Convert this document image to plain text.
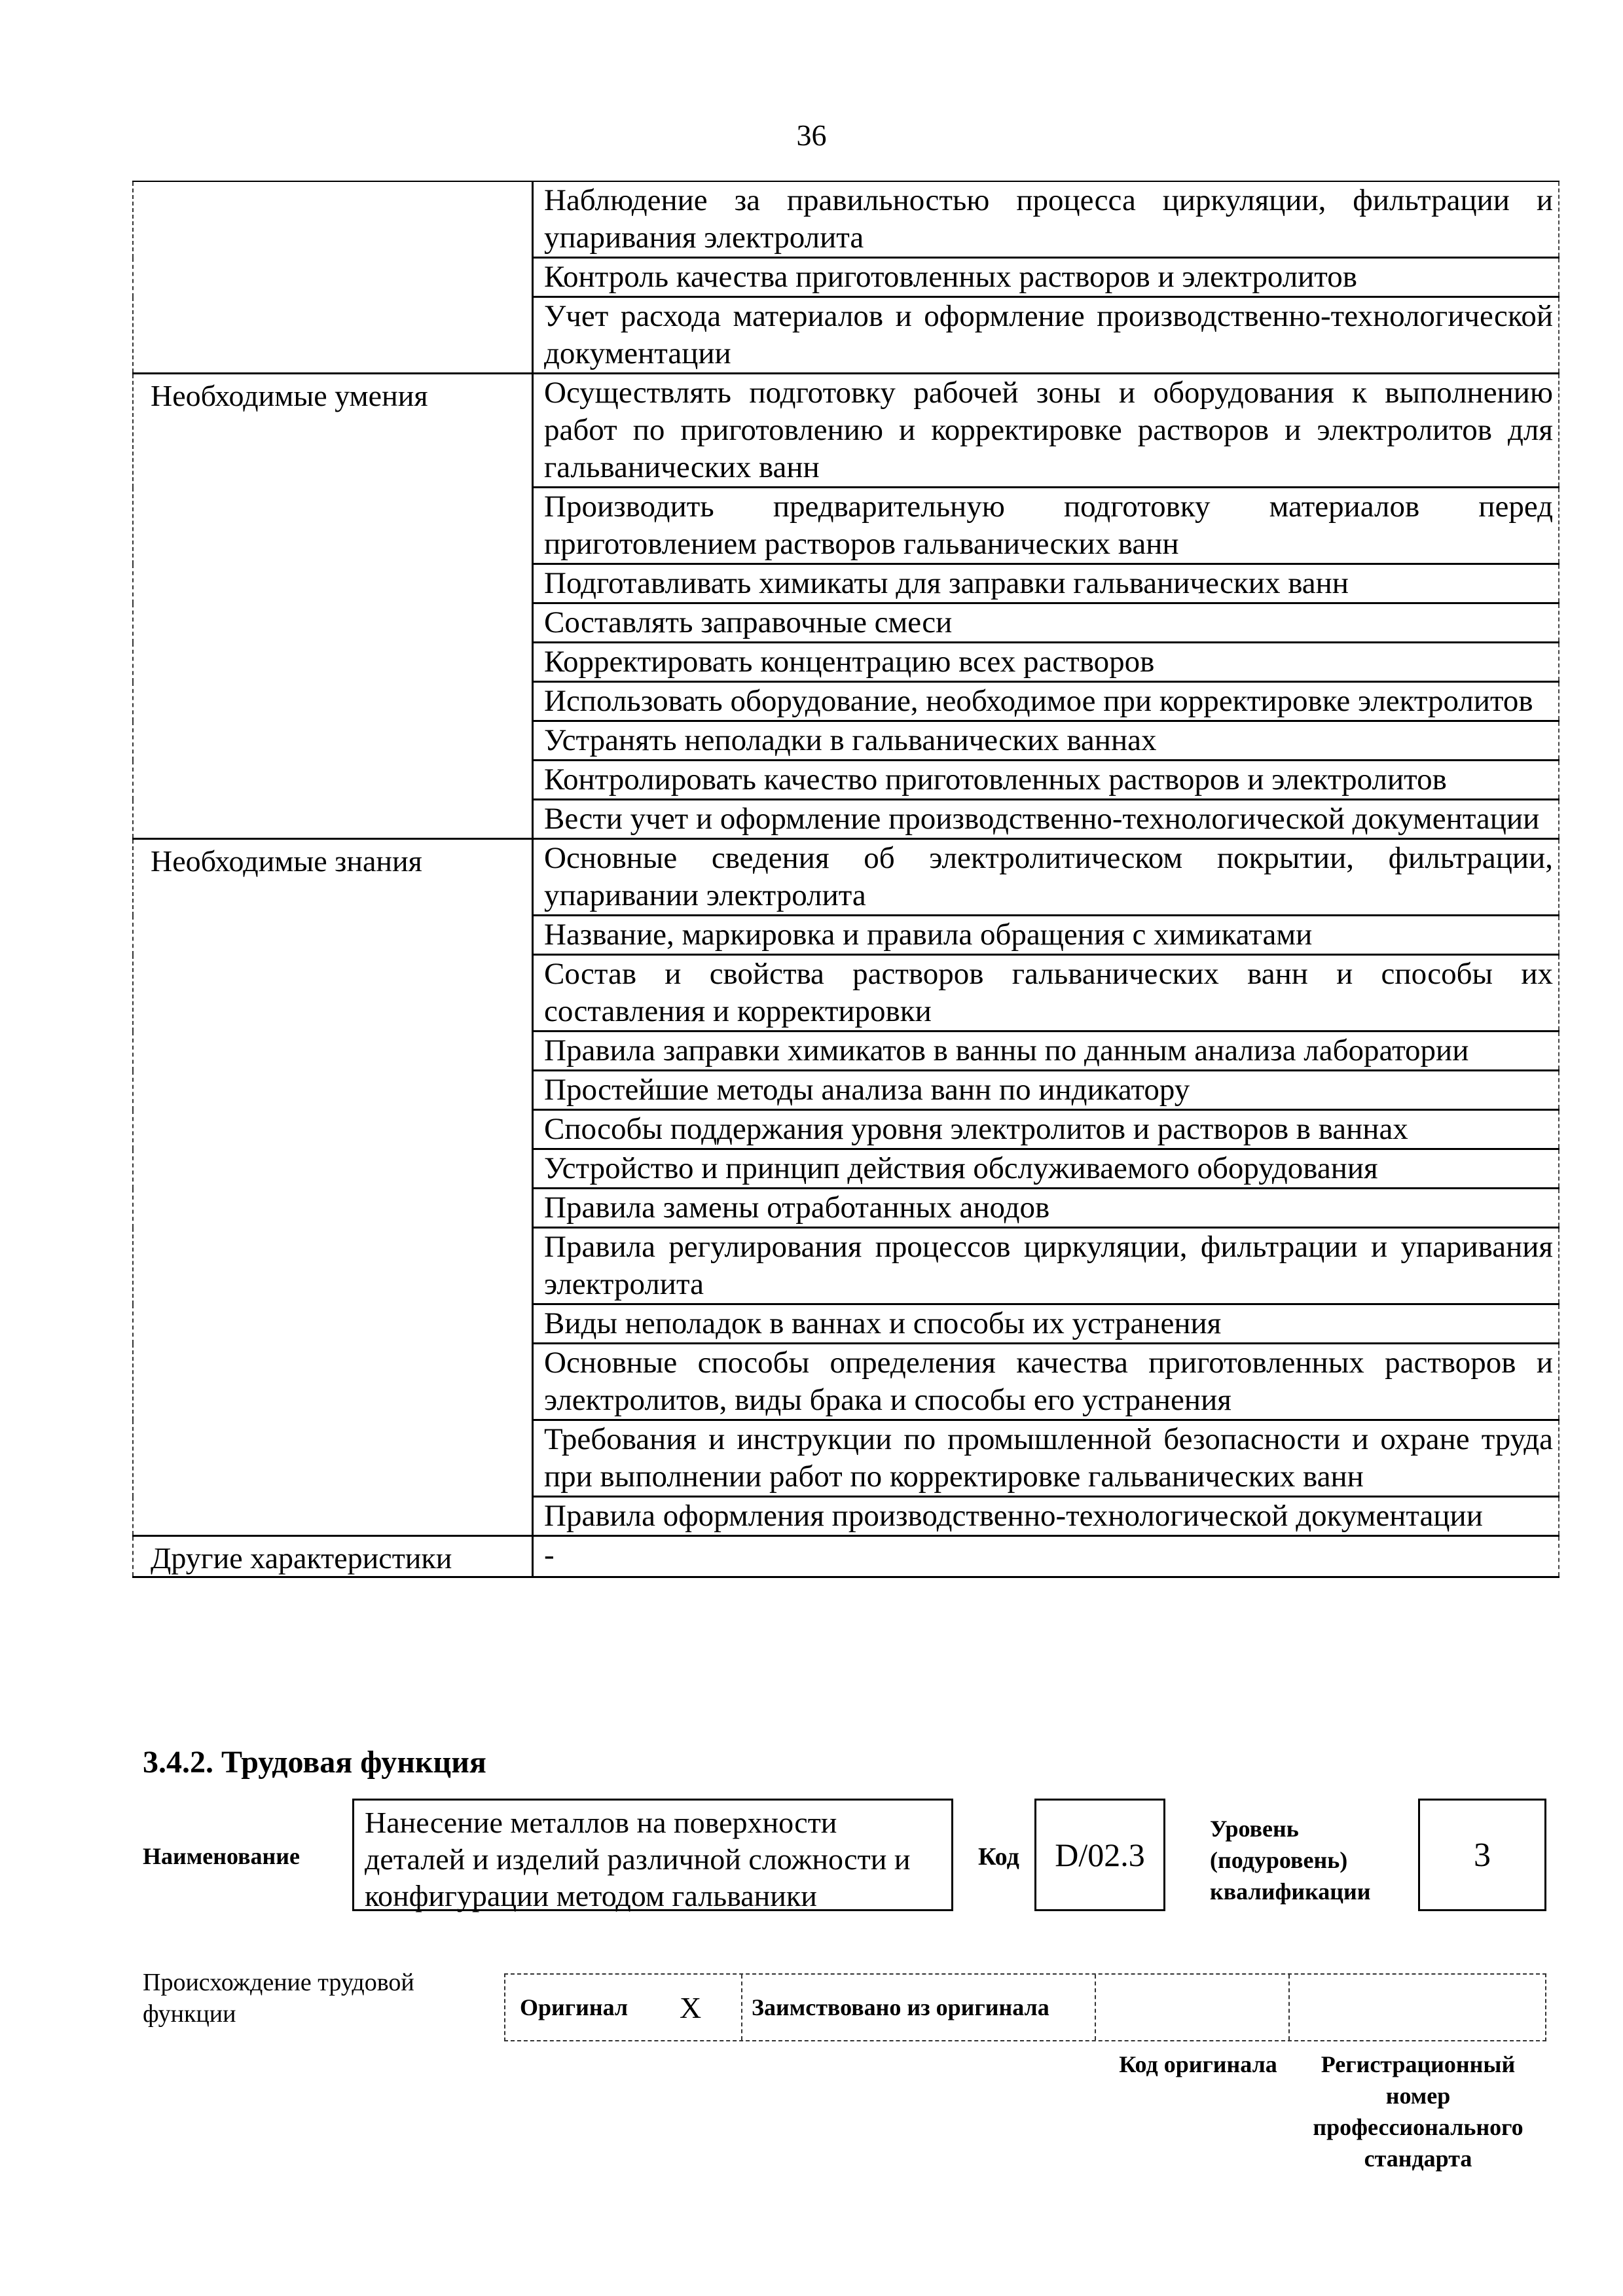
36
	Наблюдение за правильностью процесса циркуляции, фильтрации и упаривания электролита
	Контроль качества приготовленных растворов и электролитов
	Учет расхода материалов и оформление производственно-технологической документации
Необходимые умения	Осуществлять подготовку рабочей зоны и оборудования к выполнению работ по приготовлению и корректировке растворов и электролитов для гальванических ванн
	Производить предварительную подготовку материалов перед приготовлением растворов гальванических ванн
	Подготавливать химикаты для заправки гальванических ванн
	Составлять заправочные смеси
	Корректировать концентрацию всех растворов
	Использовать оборудование, необходимое при корректировке электролитов
	Устранять неполадки в гальванических ваннах
	Контролировать качество приготовленных растворов и электролитов
	Вести учет и оформление производственно-технологической документации
Необходимые знания	Основные сведения об электролитическом покрытии, фильтрации, упаривании электролита
	Название, маркировка и правила обращения с химикатами
	Состав и свойства растворов гальванических ванн и способы их составления и корректировки
	Правила заправки химикатов в ванны по данным анализа лаборатории
	Простейшие методы анализа ванн по индикатору
	Способы поддержания уровня электролитов и растворов в ваннах
	Устройство и принцип действия обслуживаемого оборудования
	Правила замены отработанных анодов
	Правила регулирования процессов циркуляции, фильтрации и упаривания электролита
	Виды неполадок в ваннах и способы их устранения
	Основные способы определения качества приготовленных растворов и электролитов, виды брака и способы его устранения
	Требования и инструкции по промышленной безопасности и охране труда при выполнении работ по корректировке гальванических ванн
	Правила оформления производственно-технологической документации
Другие характеристики	-
3.4.2. Трудовая функция
Наименование
Нанесение металлов на поверхности деталей и изделий различной сложности и конфигурации методом гальваники
Код	D/02.3
Уровень (подуровень) квалификации
3
Происхождение трудовой функции	Оригинал X Заимствовано из оригинала
Код оригинала	Регистрационный номер профессионального стандарта
